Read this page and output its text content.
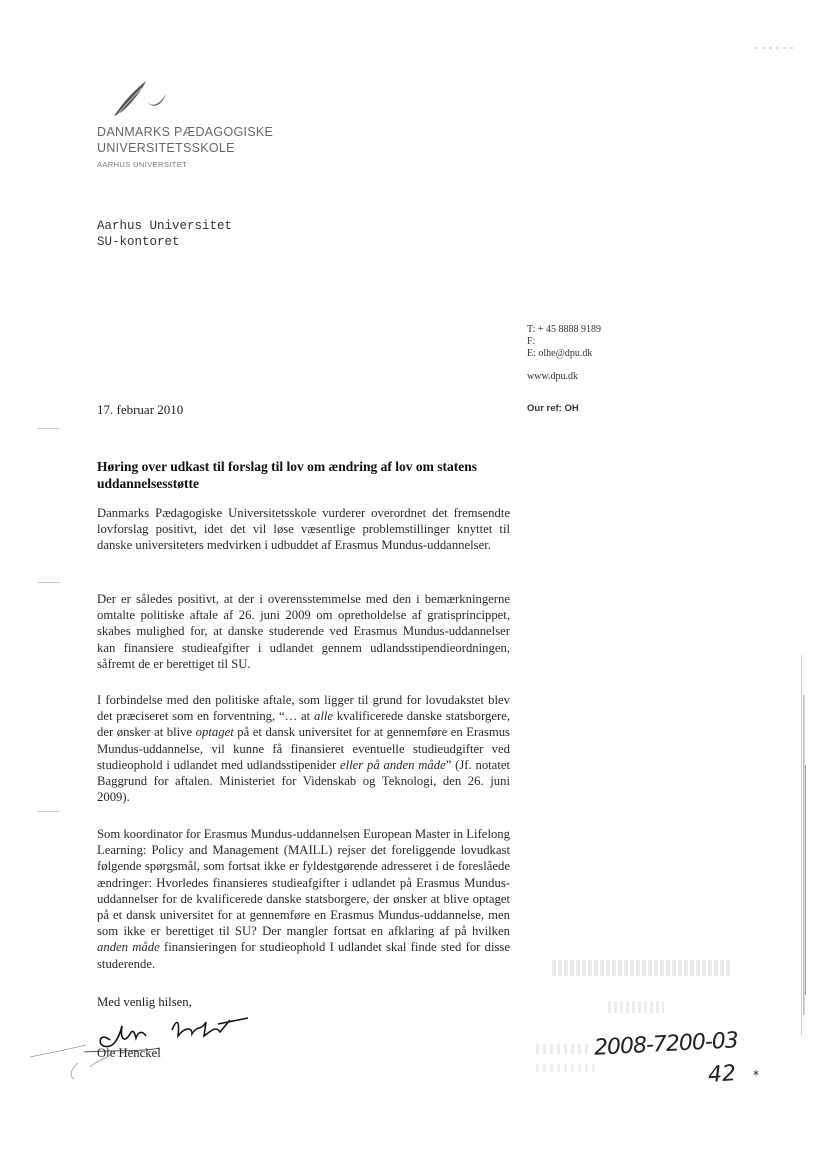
DANMARKS PÆDAGOGISKE
UNIVERSITETSSKOLE
AARHUS UNIVERSITET
Aarhus Universitet
SU-kontoret
T: + 45 8888 9189
F:
E: olhe@dpu.dk
www.dpu.dk
Our ref: OH
17. februar 2010
Høring over udkast til forslag til lov om ændring af lov om statens uddannelsesstøtte
Danmarks Pædagogiske Universitetsskole vurderer overordnet det fremsendte lovforslag positivt, idet det vil løse væsentlige problemstillinger knyttet til danske universiteters medvirken i udbuddet af Erasmus Mundus-uddannelser.
Der er således positivt, at der i overensstemmelse med den i bemærkningerne omtalte politiske aftale af 26. juni 2009 om opretholdelse af gratisprincippet, skabes mulighed for, at danske studerende ved Erasmus Mundus-uddannelser kan finansiere studieafgifter i udlandet gennem udlandsstipendieordningen, såfremt de er berettiget til SU.
I forbindelse med den politiske aftale, som ligger til grund for lovudakstet blev det præciseret som en forventning, “… at alle kvalificerede danske statsborgere, der ønsker at blive optaget på et dansk universitet for at gennemføre en Erasmus Mundus-uddannelse, vil kunne få finansieret eventuelle studieudgifter ved studieophold i udlandet med udlandsstipenider eller på anden måde” (Jf. notatet Baggrund for aftalen. Ministeriet for Videnskab og Teknologi, den 26. juni 2009).
Som koordinator for Erasmus Mundus-uddannelsen European Master in Lifelong Learning: Policy and Management (MAILL) rejser det foreliggende lovudkast følgende spørgsmål, som fortsat ikke er fyldestgørende adresseret i de foreslåede ændringer: Hvorledes finansieres studieafgifter i udlandet på Erasmus Mundus-uddannelser for de kvalificerede danske statsborgere, der ønsker at blive optaget på et dansk universitet for at gennemføre en Erasmus Mundus-uddannelse, men som ikke er berettiget til SU? Der mangler fortsat en afklaring af på hvilken anden måde finansieringen for studieophold I udlandet skal finde sted for disse studerende.
Med venlig hilsen,
Ole Henckel	2008-7200-03
42 *
